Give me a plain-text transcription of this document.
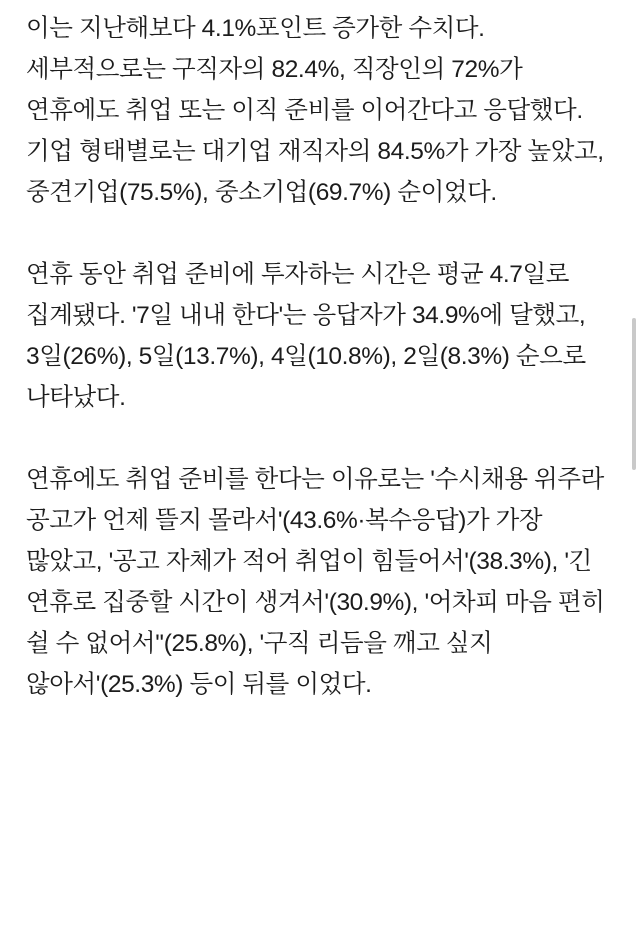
이는 지난해보다 4.1%포인트 증가한 수치다. 세부적으로는 구직자의 82.4%, 직장인의 72%가 연휴에도 취업 또는 이직 준비를 이어간다고 응답했다. 기업 형태별로는 대기업 재직자의 84.5%가 가장 높았고, 중견기업(75.5%), 중소기업(69.7%) 순이었다.

연휴 동안 취업 준비에 투자하는 시간은 평균 4.7일로 집계됐다. '7일 내내 한다'는 응답자가 34.9%에 달했고, 3일(26%), 5일(13.7%), 4일(10.8%), 2일(8.3%) 순으로 나타났다.

연휴에도 취업 준비를 한다는 이유로는 '수시채용 위주라 공고가 언제 뜰지 몰라서'(43.6%·복수응답)가 가장 많았고, '공고 자체가 적어 취업이 힘들어서'(38.3%), '긴 연휴로 집중할 시간이 생겨서'(30.9%), '어차피 마음 편히 쉴 수 없어서''(25.8%), '구직 리듬을 깨고 싶지 않아서'(25.3%) 등이 뒤를 이었다.
